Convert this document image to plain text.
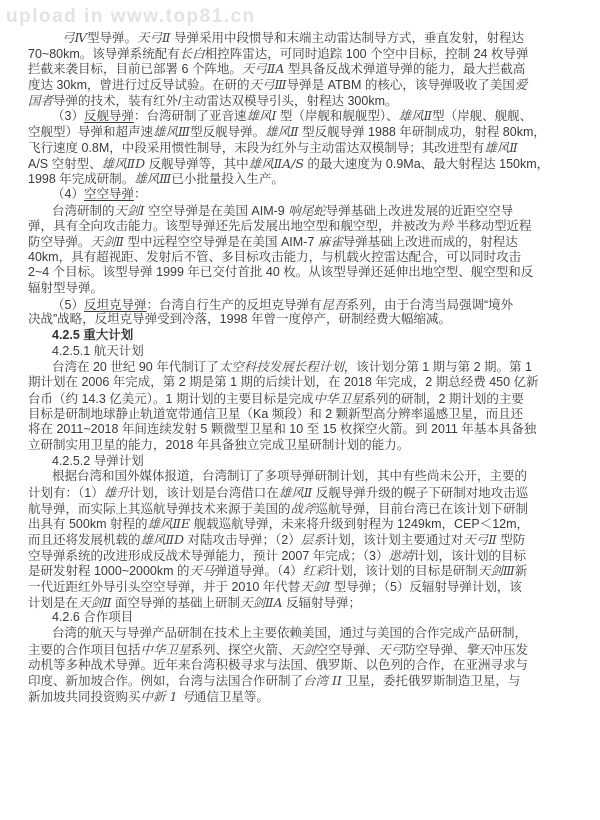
upload in www.top81.cn

弓Ⅳ型导弹。天弓Ⅱ 导弹采用中段惯导和末端主动雷达制导方式，垂直发射，射程达

70~80km。该导弹系统配有长白相控阵雷达，可同时追踪 100 个空中目标，控制 24 枚导弹

拦截来袭目标，目前已部署 6 个阵地。天弓ⅡA 型具备反战术弹道导弹的能力，最大拦截高

度达 30km，曾进行过反导试验。在研的天弓Ⅲ导弹是 ATBM 的核心，该导弹吸收了美国爱

国者导弹的技术，装有红外/主动雷达双模导引头，射程达 300km。

（3）反舰导弹：台湾研制了亚音速雄风Ⅰ 型（岸舰和舰舰型）、雄风Ⅱ型（岸舰、舰舰、

空舰型）导弹和超声速雄风Ⅲ型反舰导弹。雄风Ⅱ 型反舰导弹 1988 年研制成功，射程 80km，

飞行速度 0.8M，中段采用惯性制导，末段为红外与主动雷达双模制导；其改进型有雄风Ⅱ

A/S 空射型、雄风ⅡD 反舰导弹等，其中雄风ⅡA/S 的最大速度为 0.9Ma、最大射程达 150km，

1998 年完成研制。雄风Ⅲ已小批量投入生产。

（4）空空导弹：

台湾研制的天剑Ⅰ 空空导弹是在美国 AIM-9 响尾蛇导弹基础上改进发展的近距空空导

弹，具有全向攻击能力。该型导弹还先后发展出地空型和舰空型，并被改为羚 半移动型近程

防空导弹。天剑Ⅱ 型中远程空空导弹是在美国 AIM-7 麻雀导弹基础上改进而成的，射程达

40km，具有超视距、发射后不管、多目标攻击能力，与机载火控雷达配合，可以同时攻击

2~4 个目标。该型导弹 1999 年已交付首批 40 枚。从该型导弹还延伸出地空型、舰空型和反

辐射型导弹。

（5）反坦克导弹：台湾自行生产的反坦克导弹有昆吾系列，由于台湾当局强调“境外

决战”战略，反坦克导弹受到冷落，1998 年曾一度停产，研制经费大幅缩减。

4.2.5 重大计划

4.2.5.1 航天计划

台湾在 20 世纪 90 年代制订了太空科技发展长程计划，该计划分第 1 期与第 2 期。第 1

期计划在 2006 年完成，第 2 期是第 1 期的后续计划，在 2018 年完成，2 期总经费 450 亿新

台币（约 14.3 亿美元）。1 期计划的主要目标是完成中华卫星系列的研制，2 期计划的主要

目标是研制地球静止轨道宽带通信卫星（Ka 频段）和 2 颗新型高分辨率遥感卫星，而且还

将在 2011~2018 年间连续发射 5 颗微型卫星和 10 至 15 枚探空火箭。到 2011 年基本具备独

立研制实用卫星的能力，2018 年具备独立完成卫星研制计划的能力。

4.2.5.2 导弹计划

根据台湾和国外媒体报道，台湾制订了多项导弹研制计划，其中有些尚未公开，主要的

计划有：（1）雄升计划，该计划是台湾借口在雄风Ⅱ 反舰导弹升级的幌子下研制对地攻击巡

航导弹，而实际上其巡航导弹技术来源于美国的战斧巡航导弹，目前台湾已在该计划下研制

出具有 500km 射程的雄风ⅡE 舰载巡航导弹，未来将升级到射程为 1249km，CEP＜12m，

而且还将发展机载的雄风ⅡD 对陆攻击导弹；（2）层系计划，该计划主要通过对天弓Ⅱ 型防

空导弹系统的改进形成反战术导弹能力，预计 2007 年完成；（3）逖靖计划，该计划的目标

是研发射程 1000~2000km 的天马弹道导弹。（4）红彩计划，该计划的目标是研制天剑Ⅲ新

一代近距红外导引头空空导弹，并于 2010 年代替天剑Ⅰ 型导弹；（5）反辐射导弹计划，该

计划是在天剑Ⅱ 面空导弹的基础上研制天剑ⅡA 反辐射导弹；

4.2.6 合作项目

台湾的航天与导弹产品研制在技术上主要依赖美国，通过与美国的合作完成产品研制，

主要的合作项目包括中华卫星系列、探空火箭、天剑空空导弹、天弓防空导弹、擎天冲压发

动机等多种战术导弹。近年来台湾积极寻求与法国、俄罗斯、以色列的合作，在亚洲寻求与

印度、新加坡合作。例如，台湾与法国合作研制了台湾 II 卫星，委托俄罗斯制造卫星，与

新加坡共同投资购买中新 1 号通信卫星等。
